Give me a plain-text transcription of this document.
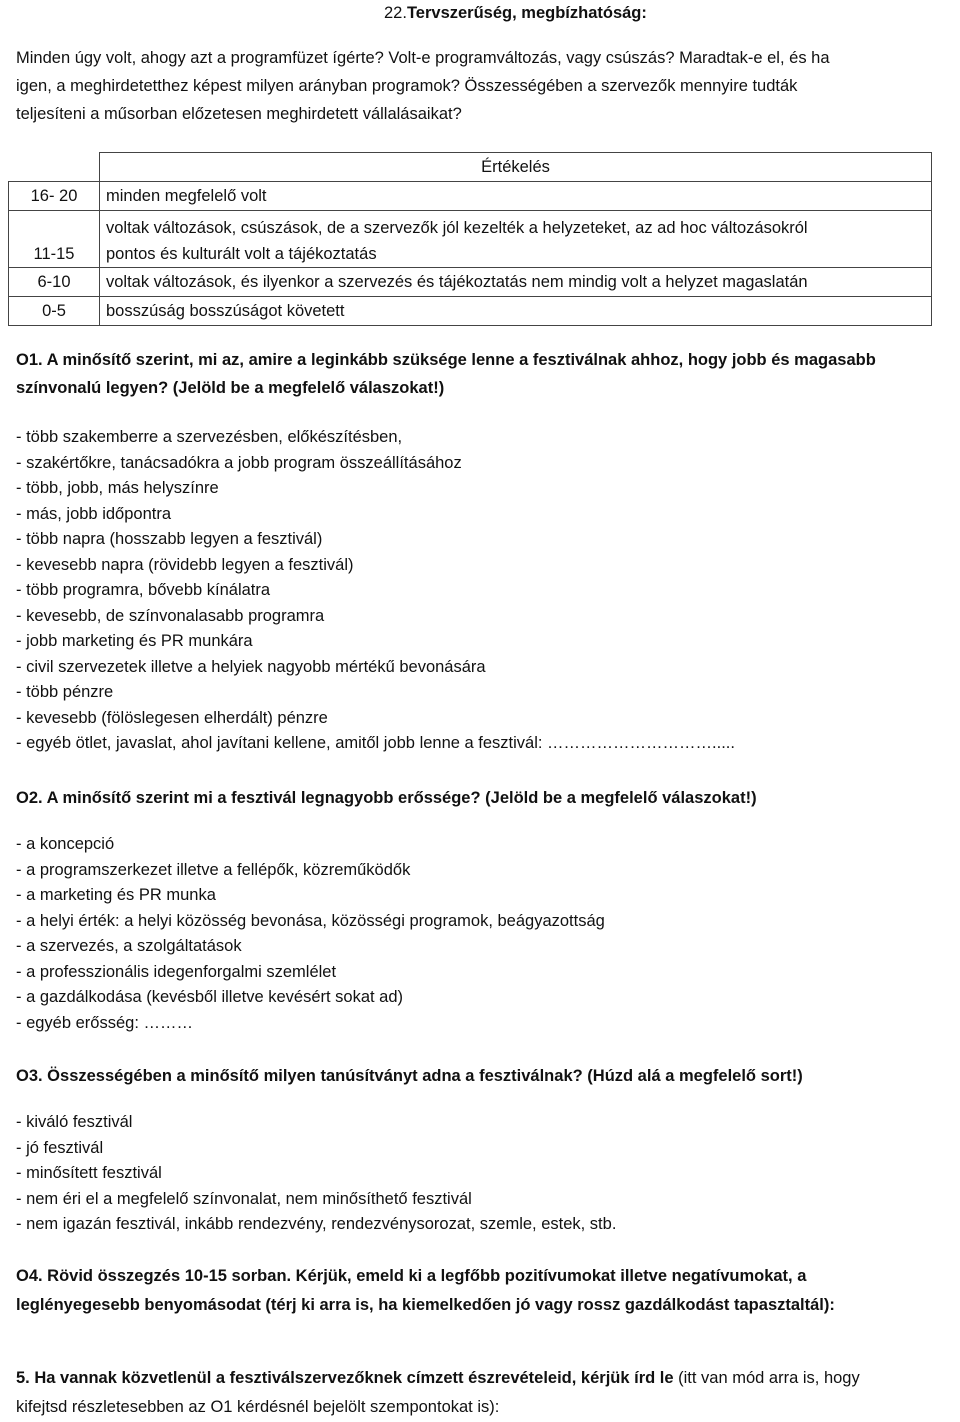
22.Tervszerűség, megbízhatóság:
Minden úgy volt, ahogy azt a programfüzet ígérte? Volt-e programváltozás, vagy csúszás? Maradtak-e el, és ha
igen, a meghirdetetthez képest milyen arányban programok? Összességében a szervezők mennyire tudták
teljesíteni a műsorban előzetesen meghirdetett vállalásaikat?
	Értékelés
16- 20	minden megfelelő volt
11-15	voltak változások, csúszások, de a szervezők jól kezelték a helyzeteket, az ad hoc változásokról
pontos és kulturált volt a tájékoztatás

6-10	voltak változások, és ilyenkor a szervezés és tájékoztatás nem mindig volt a helyzet magaslatán
0-5	bosszúság bosszúságot követett
O1. A minősítő szerint, mi az, amire a leginkább szüksége lenne a fesztiválnak ahhoz, hogy jobb és magasabb
színvonalú legyen? (Jelöld be a megfelelő válaszokat!)
- több szakemberre a szervezésben, előkészítésben,
- szakértőkre, tanácsadókra a jobb program összeállításához
- több, jobb, más helyszínre
- más, jobb időpontra
- több napra (hosszabb legyen a fesztivál)
- kevesebb napra (rövidebb legyen a fesztivál)
- több programra, bővebb kínálatra
- kevesebb, de színvonalasabb programra
- jobb marketing és PR munkára
- civil szervezetek illetve a helyiek nagyobb mértékű bevonására
- több pénzre
- kevesebb (fölöslegesen elherdált) pénzre
- egyéb ötlet, javaslat, ahol javítani kellene, amitől jobb lenne a fesztivál: ………………………….....
O2. A minősítő szerint mi a fesztivál legnagyobb erőssége? (Jelöld be a megfelelő válaszokat!)
- a koncepció
- a programszerkezet illetve a fellépők, közreműködők
- a marketing és PR munka
- a helyi érték: a helyi közösség bevonása, közösségi programok, beágyazottság
- a szervezés, a szolgáltatások
- a professzionális idegenforgalmi szemlélet
- a gazdálkodása (kevésből illetve kevésért sokat ad)
- egyéb erősség: ………
O3. Összességében a minősítő milyen tanúsítványt adna a fesztiválnak? (Húzd alá a megfelelő sort!)
- kiváló fesztivál
- jó fesztivál
- minősített fesztivál
- nem éri el a megfelelő színvonalat, nem minősíthető fesztivál
- nem igazán fesztivál, inkább rendezvény, rendezvénysorozat, szemle, estek, stb.
O4. Rövid összegzés 10-15 sorban. Kérjük, emeld ki a legfőbb pozitívumokat illetve negatívumokat, a
leglényegesebb benyomásodat (térj ki arra is, ha kiemelkedően jó vagy rossz gazdálkodást tapasztaltál):
5. Ha vannak közvetlenül a fesztiválszervezőknek címzett észrevételeid, kérjük írd le (itt van mód arra is, hogy
kifejtsd részletesebben az O1 kérdésnél bejelölt szempontokat is):
